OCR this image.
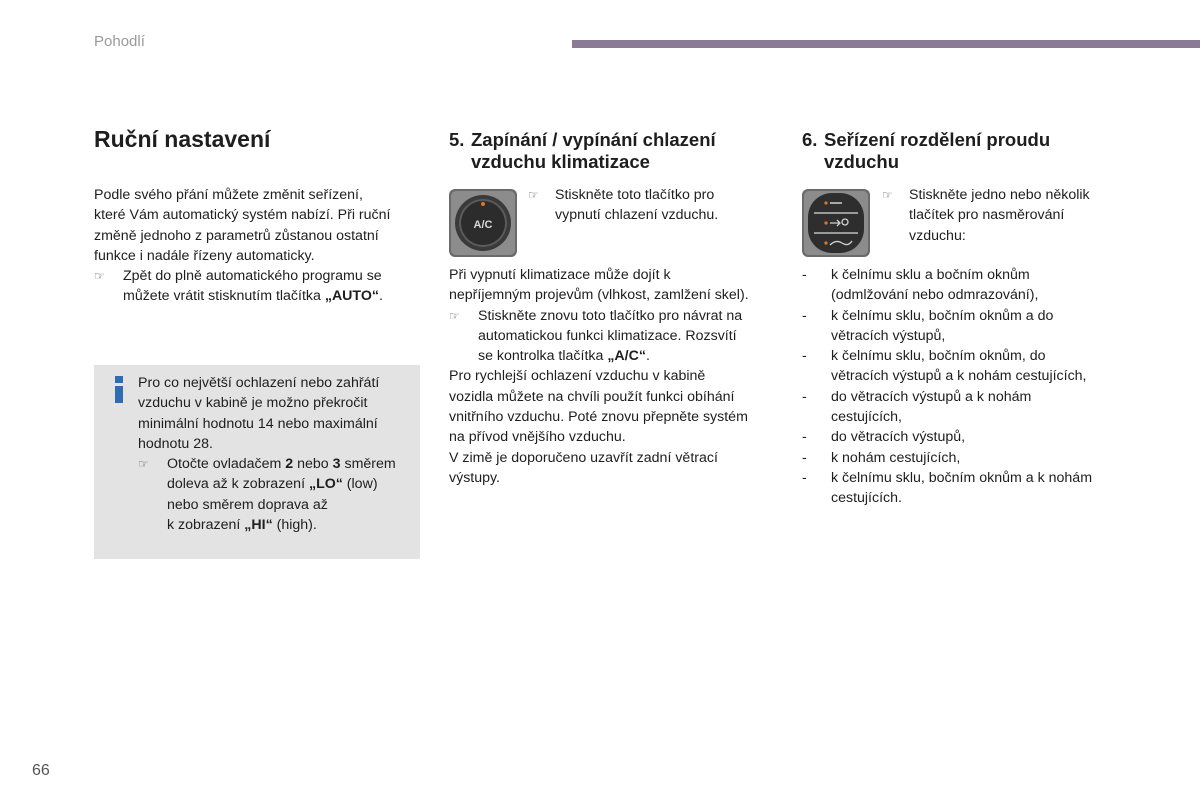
Pohodlí
Ruční nastavení

Podle svého přání můžete změnit seřízení,

které Vám automatický systém nabízí. Při ruční

změně jednoho z parametrů zůstanou ostatní

funkce i nadále řízeny automaticky.

☞ Zpět do plně automatického programu se

můžete vrátit stisknutím tlačítka „AUTO“.

Pro co největší ochlazení nebo zahřátí

vzduchu v kabině je možno překročit

minimální hodnotu 14 nebo maximální

hodnotu 28.

☞ Otočte ovladačem 2 nebo 3 směrem

doleva až k zobrazení „LO“ (low)

nebo směrem doprava až

k zobrazení „HI“ (high).

5. Zapínání / vypínání chlazení
vzduchu klimatizace
A/C
☞ Stiskněte toto tlačítko pro

vypnutí chlazení vzduchu.

Při vypnutí klimatizace může dojít k

nepříjemným projevům (vlhkost, zamlžení skel).

☞ Stiskněte znovu toto tlačítko pro návrat na

automatickou funkci klimatizace. Rozsvítí

se kontrolka tlačítka „A/C“.

Pro rychlejší ochlazení vzduchu v kabině

vozidla můžete na chvíli použít funkci obíhání

vnitřního vzduchu. Poté znovu přepněte systém

na přívod vnějšího vzduchu.

V zimě je doporučeno uzavřít zadní větrací

výstupy.

6. Seřízení rozdělení proudu
vzduchu
☞ Stiskněte jedno nebo několik

tlačítek pro nasměrování

vzduchu:

- k čelnímu sklu a bočním oknům
(odmlžování nebo odmrazování),
- k čelnímu sklu, bočním oknům a do
větracích výstupů,
- k čelnímu sklu, bočním oknům, do
větracích výstupů a k nohám cestujících,
- do větracích výstupů a k nohám
cestujících,
- do větracích výstupů,
- k nohám cestujících,
- k čelnímu sklu, bočním oknům a k nohám
cestujících.
66
